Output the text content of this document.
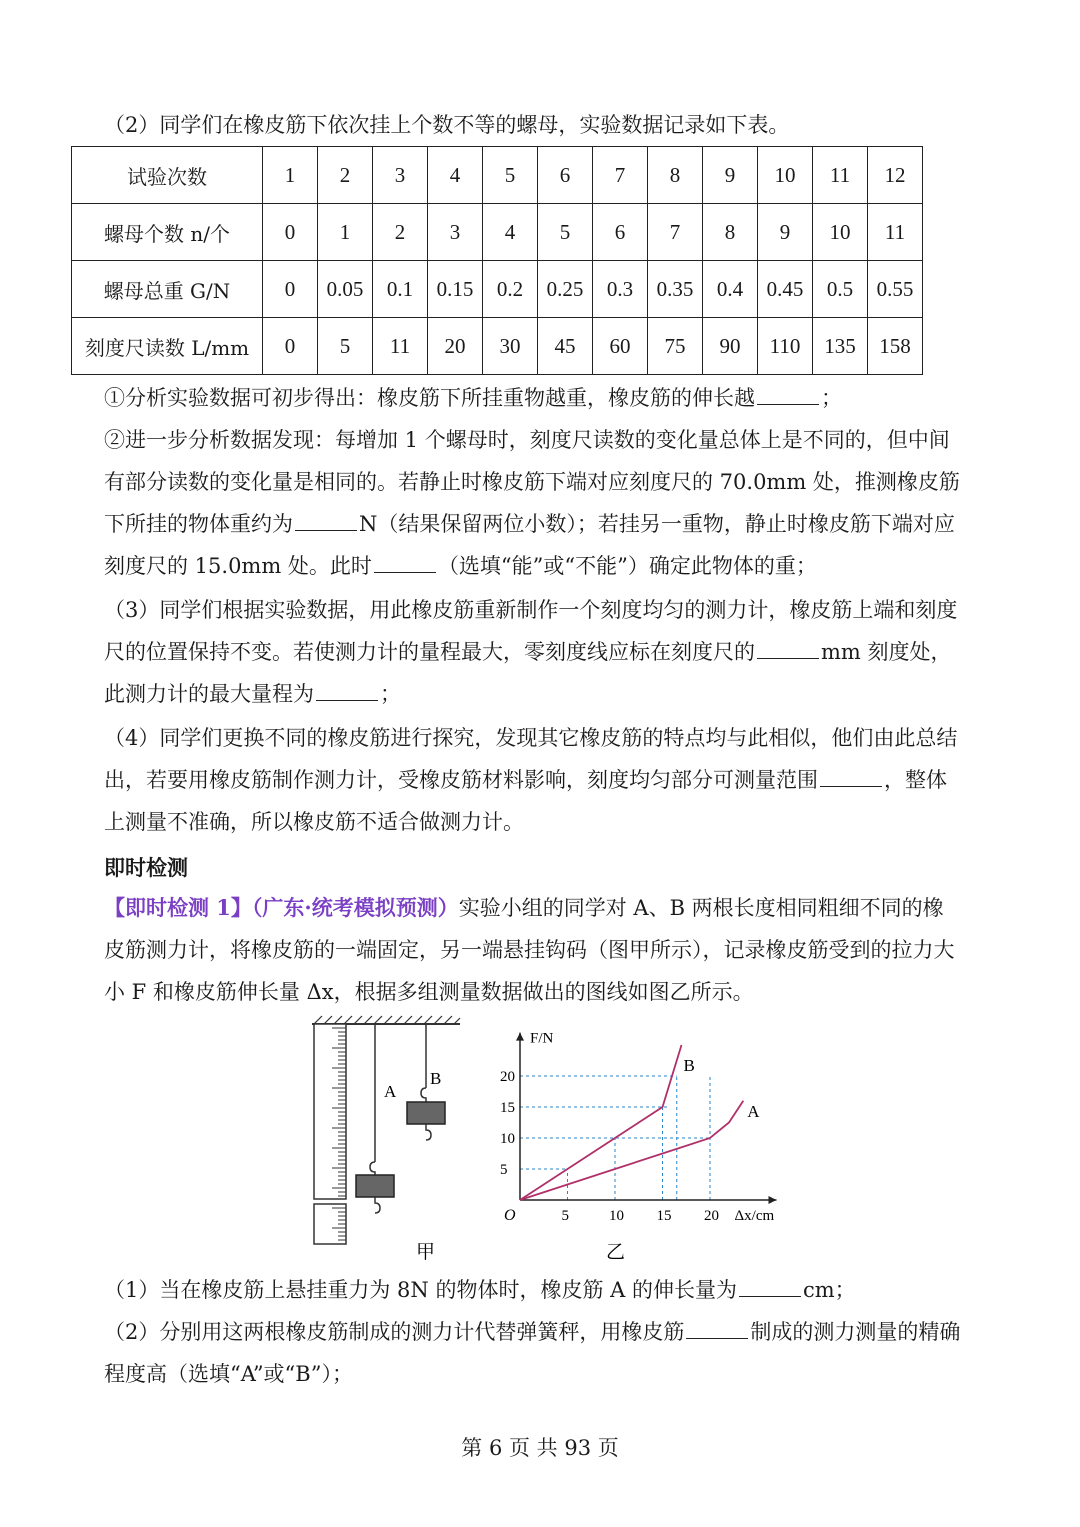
（2）同学们在橡皮筋下依次挂上个数不等的螺母，实验数据记录如下表。

试验次数	1	2	3	4	5	6	7	8	9	10	11	12
螺母个数 n/个	0	1	2	3	4	5	6	7	8	9	10	11
螺母总重 G/N	0	0.05	0.1	0.15	0.2	0.25	0.3	0.35	0.4	0.45	0.5	0.55
刻度尺读数 L/mm	0	5	11	20	30	45	60	75	90	110	135	158

①分析实验数据可初步得出：橡皮筋下所挂重物越重，橡皮筋的伸长越	；

②进一步分析数据发现：每增加 1 个螺母时，刻度尺读数的变化量总体上是不同的，但中间

有部分读数的变化量是相同的。若静止时橡皮筋下端对应刻度尺的 70.0mm 处，推测橡皮筋

下所挂的物体重约为	N（结果保留两位小数）；若挂另一重物，静止时橡皮筋下端对应

刻度尺的 15.0mm 处。此时	（选填“能”或“不能”）确定此物体的重；

（3）同学们根据实验数据，用此橡皮筋重新制作一个刻度均匀的测力计，橡皮筋上端和刻度

尺的位置保持不变。若使测力计的量程最大，零刻度线应标在刻度尺的	mm 刻度处，

此测力计的最大量程为	；

（4）同学们更换不同的橡皮筋进行探究，发现其它橡皮筋的特点均与此相似，他们由此总结

出，若要用橡皮筋制作测力计，受橡皮筋材料影响，刻度均匀部分可测量范围	，整体

上测量不准确，所以橡皮筋不适合做测力计。

即时检测

【即时检测 1】（广东·统考模拟预测）实验小组的同学对 A、B 两根长度相同粗细不同的橡

皮筋测力计，将橡皮筋的一端固定，另一端悬挂钩码（图甲所示），记录橡皮筋受到的拉力大

小 F 和橡皮筋伸长量 Δx，根据多组测量数据做出的图线如图乙所示。

A
B
甲
5	10 15 20
5
10
15
20
O	Δx/cm
F/N
A
B
乙

（1）当在橡皮筋上悬挂重力为 8N 的物体时，橡皮筋 A 的伸长量为	cm；

（2）分别用这两根橡皮筋制成的测力计代替弹簧秤，用橡皮筋	制成的测力测量的精确

程度高（选填“A”或“B”）；

第 6 页 共 93 页
